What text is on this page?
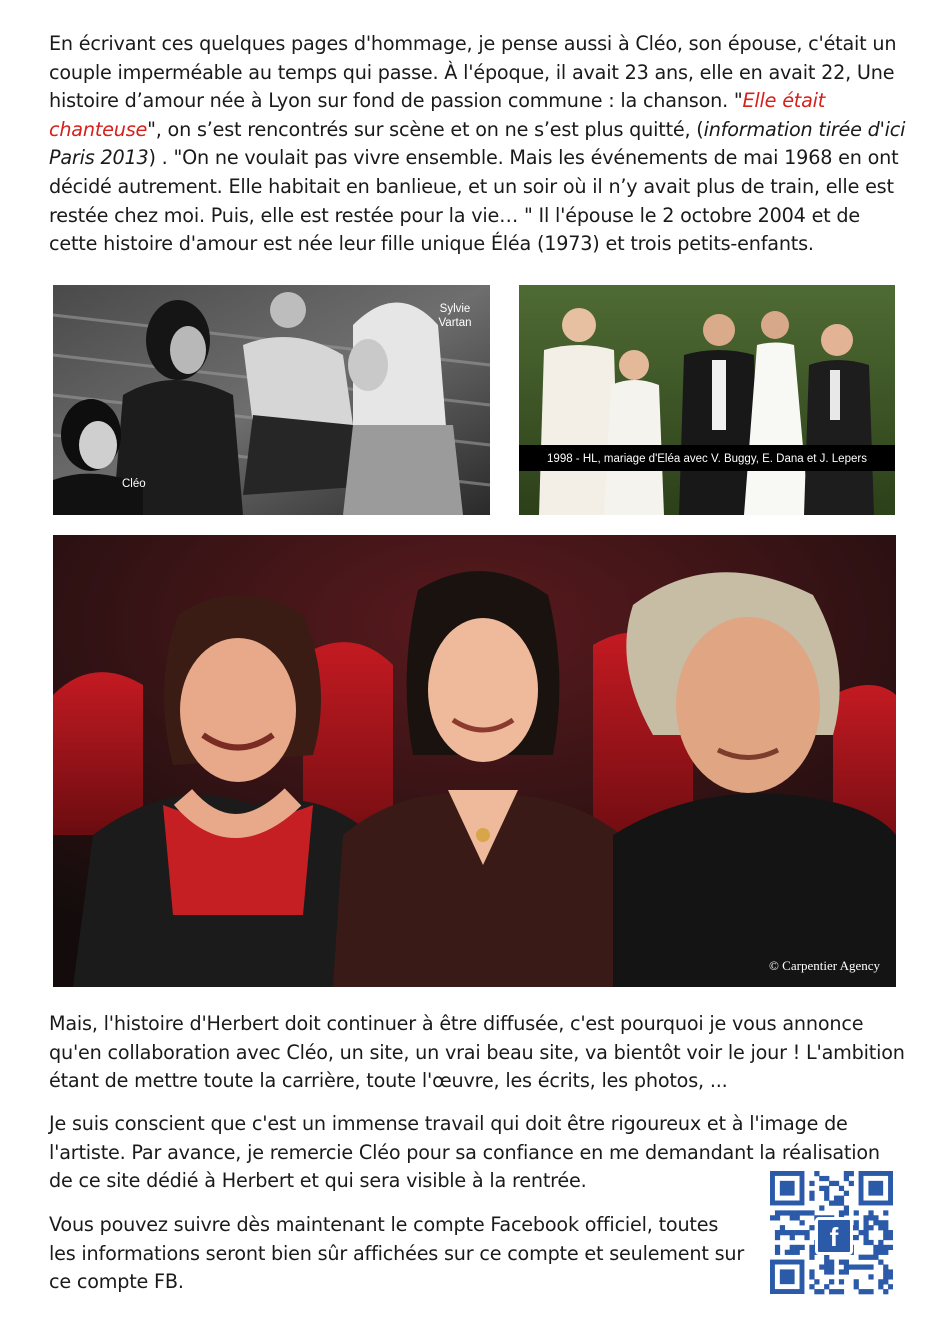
En écrivant ces quelques pages d'hommage, je pense aussi à Cléo, son épouse, c'était un couple imperméable au temps qui passe. À l'époque, il avait 23 ans, elle en avait 22, Une histoire d’amour née à Lyon sur fond de passion commune : la chanson. "Elle était chanteuse", on s’est rencontrés sur scène et on ne s’est plus quitté, (information tirée d'ici Paris 2013) . "On ne voulait pas vivre ensemble. Mais les événements de mai 1968 en ont décidé autrement. Elle habitait en banlieue, et un soir où il n’y avait plus de train, elle est restée chez moi. Puis, elle est restée pour la vie… " Il l'épouse le 2 octobre 2004 et de cette histoire d'amour est née leur fille unique Éléa (1973) et trois petits-enfants.

Sylvie
Vartan
Cléo
1998 - HL, mariage d'Eléa avec V. Buggy, E. Dana et J. Lepers
© Carpentier Agency

Mais, l'histoire d'Herbert doit continuer à être diffusée, c'est pourquoi je vous annonce qu'en collaboration avec Cléo, un site, un vrai beau site, va bientôt voir le jour ! L'ambition étant de mettre toute la carrière, toute l'œuvre, les écrits, les photos, ...

Je suis conscient que c'est un immense travail qui doit être rigoureux et à l'image de l'artiste. Par avance, je remercie Cléo pour sa confiance en me demandant la réalisation de ce site dédié à Herbert et qui sera visible à la rentrée.

Vous pouvez suivre dès maintenant le compte Facebook officiel, toutes les informations seront bien sûr affichées sur ce compte et seulement sur ce compte FB.

f
